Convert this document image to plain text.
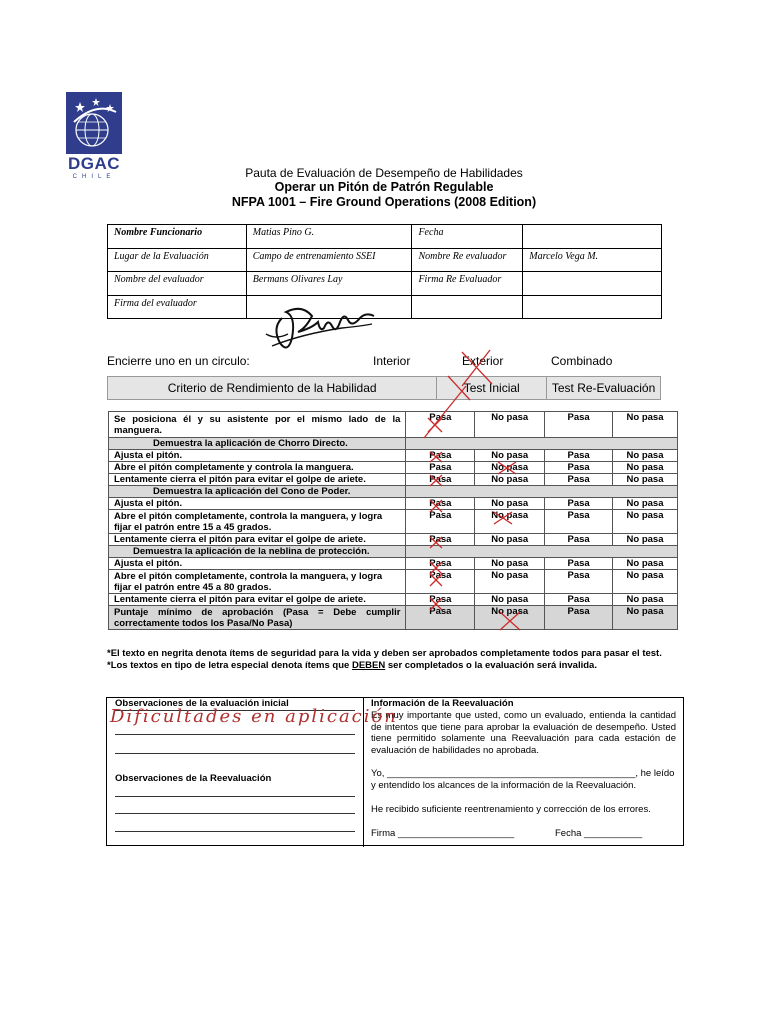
DGAC
CHILE	Pauta de Evaluación de Desempeño de Habilidades
Operar un Pitón de Patrón Regulable
NFPA 1001 – Fire Ground Operations (2008 Edition)
Nombre Funcionario	Matias Pino G.	Fecha	
Lugar de la Evaluación	Campo de entrenamiento SSEI	Nombre Re evaluador	Marcelo Vega M.
Nombre del evaluador	Bermans Olivares Lay	Firma Re Evaluador	
Firma del evaluador			
Encierre uno en un circulo:	Interior	Exterior	Combinado
Criterio de Rendimiento de la Habilidad	Test Inicial	Test Re-Evaluación
Se posiciona él y su asistente por el mismo lado de la manguera.	Pasa	No pasa	Pasa	No pasa
Demuestra la aplicación de Chorro Directo.				
Ajusta el pitón.	Pasa	No pasa	Pasa	No pasa
Abre el pitón completamente y controla la manguera.	Pasa	No pasa	Pasa	No pasa
Lentamente cierra el pitón para evitar el golpe de ariete.	Pasa	No pasa	Pasa	No pasa
Demuestra la aplicación del Cono de Poder.				
Ajusta el pitón.	Pasa	No pasa	Pasa	No pasa
Abre el pitón completamente, controla la manguera, y logra fijar el patrón entre 15 a 45 grados.	Pasa	No pasa	Pasa	No pasa
Lentamente cierra el pitón para evitar el golpe de ariete.	Pasa	No pasa	Pasa	No pasa
Demuestra la aplicación de la neblina de protección.				
Ajusta el pitón.	Pasa	No pasa	Pasa	No pasa
Abre el pitón completamente, controla la manguera, y logra fijar el patrón entre 45 a 80 grados.	Pasa	No pasa	Pasa	No pasa
Lentamente cierra el pitón para evitar el golpe de ariete.	Pasa	No pasa	Pasa	No pasa
Puntaje mínimo de aprobación (Pasa = Debe cumplir correctamente todos los Pasa/No Pasa)	Pasa	No pasa	Pasa	No pasa
*El texto en negrita denota ítems de seguridad para la vida y deben ser aprobados completamente todos para pasar el test.
*Los textos en tipo de letra especial denota ítems que DEBEN ser completados o la evaluación será invalida.
Observaciones de la evaluación inicial
Observaciones de la Reevaluación
Información de la Reevaluación
Es muy importante que usted, como un evaluado, entienda la cantidad de intentos que tiene para aprobar la evaluación de desempeño. Usted tiene permitido solamente una Reevaluación para cada estación de evaluación de habilidades no aprobada.
Yo, _______________________________________________, he leído y entendido los alcances de la información de la Reevaluación.
He recibido suficiente reentrenamiento y corrección de los errores.
Firma ______________________	Fecha ___________
Dificultades en aplicación
